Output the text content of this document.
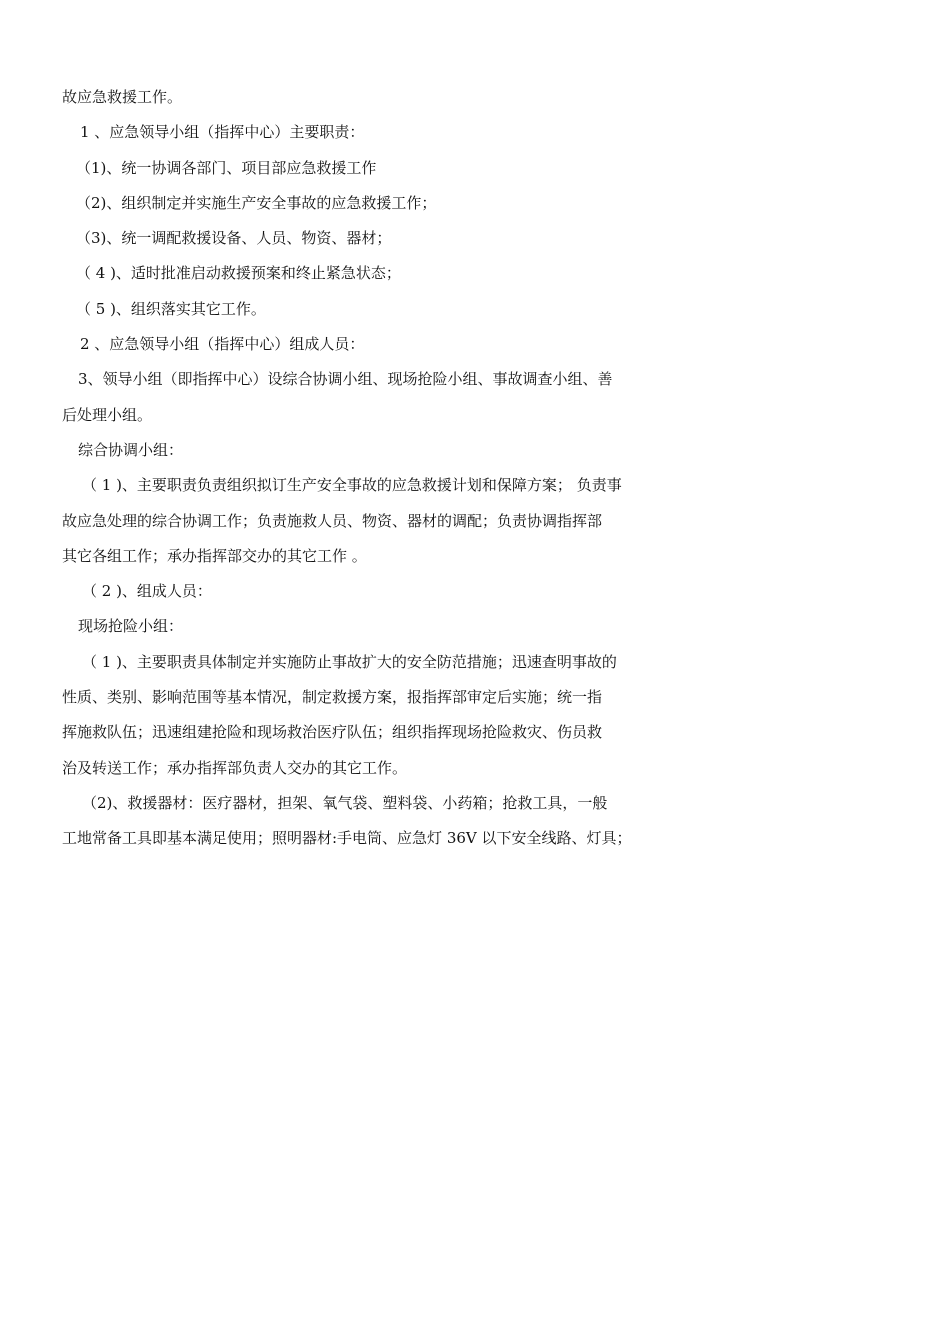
故应急救援工作。

1 、应急领导小组（指挥中心）主要职责：

（1)、统一协调各部门、项目部应急救援工作

（2)、组织制定并实施生产安全事故的应急救援工作；

（3)、统一调配救援设备、人员、物资、器材；

（ 4 )、适时批准启动救援预案和终止紧急状态；

（ 5 )、组织落实其它工作。

2 、应急领导小组（指挥中心）组成人员：

3、领导小组（即指挥中心）设综合协调小组、现场抢险小组、事故调查小组、善

后处理小组。

综合协调小组：

（ 1 )、主要职责负责组织拟订生产安全事故的应急救援计划和保障方案； 负责事

故应急处理的综合协调工作；负责施救人员、物资、器材的调配；负责协调指挥部

其它各组工作；承办指挥部交办的其它工作 。

（ 2 )、组成人员：

现场抢险小组：

（ 1 )、主要职责具体制定并实施防止事故扩大的安全防范措施；迅速查明事故的

性质、类别、影响范围等基本情况，制定救援方案，报指挥部审定后实施；统一指

挥施救队伍；迅速组建抢险和现场救治医疗队伍；组织指挥现场抢险救灾、伤员救

治及转送工作；承办指挥部负责人交办的其它工作。

（2)、救援器材：医疗器材，担架、氧气袋、塑料袋、小药箱；抢救工具，一般

工地常备工具即基本满足使用；照明器材:手电筒、应急灯 36V 以下安全线路、灯具；
